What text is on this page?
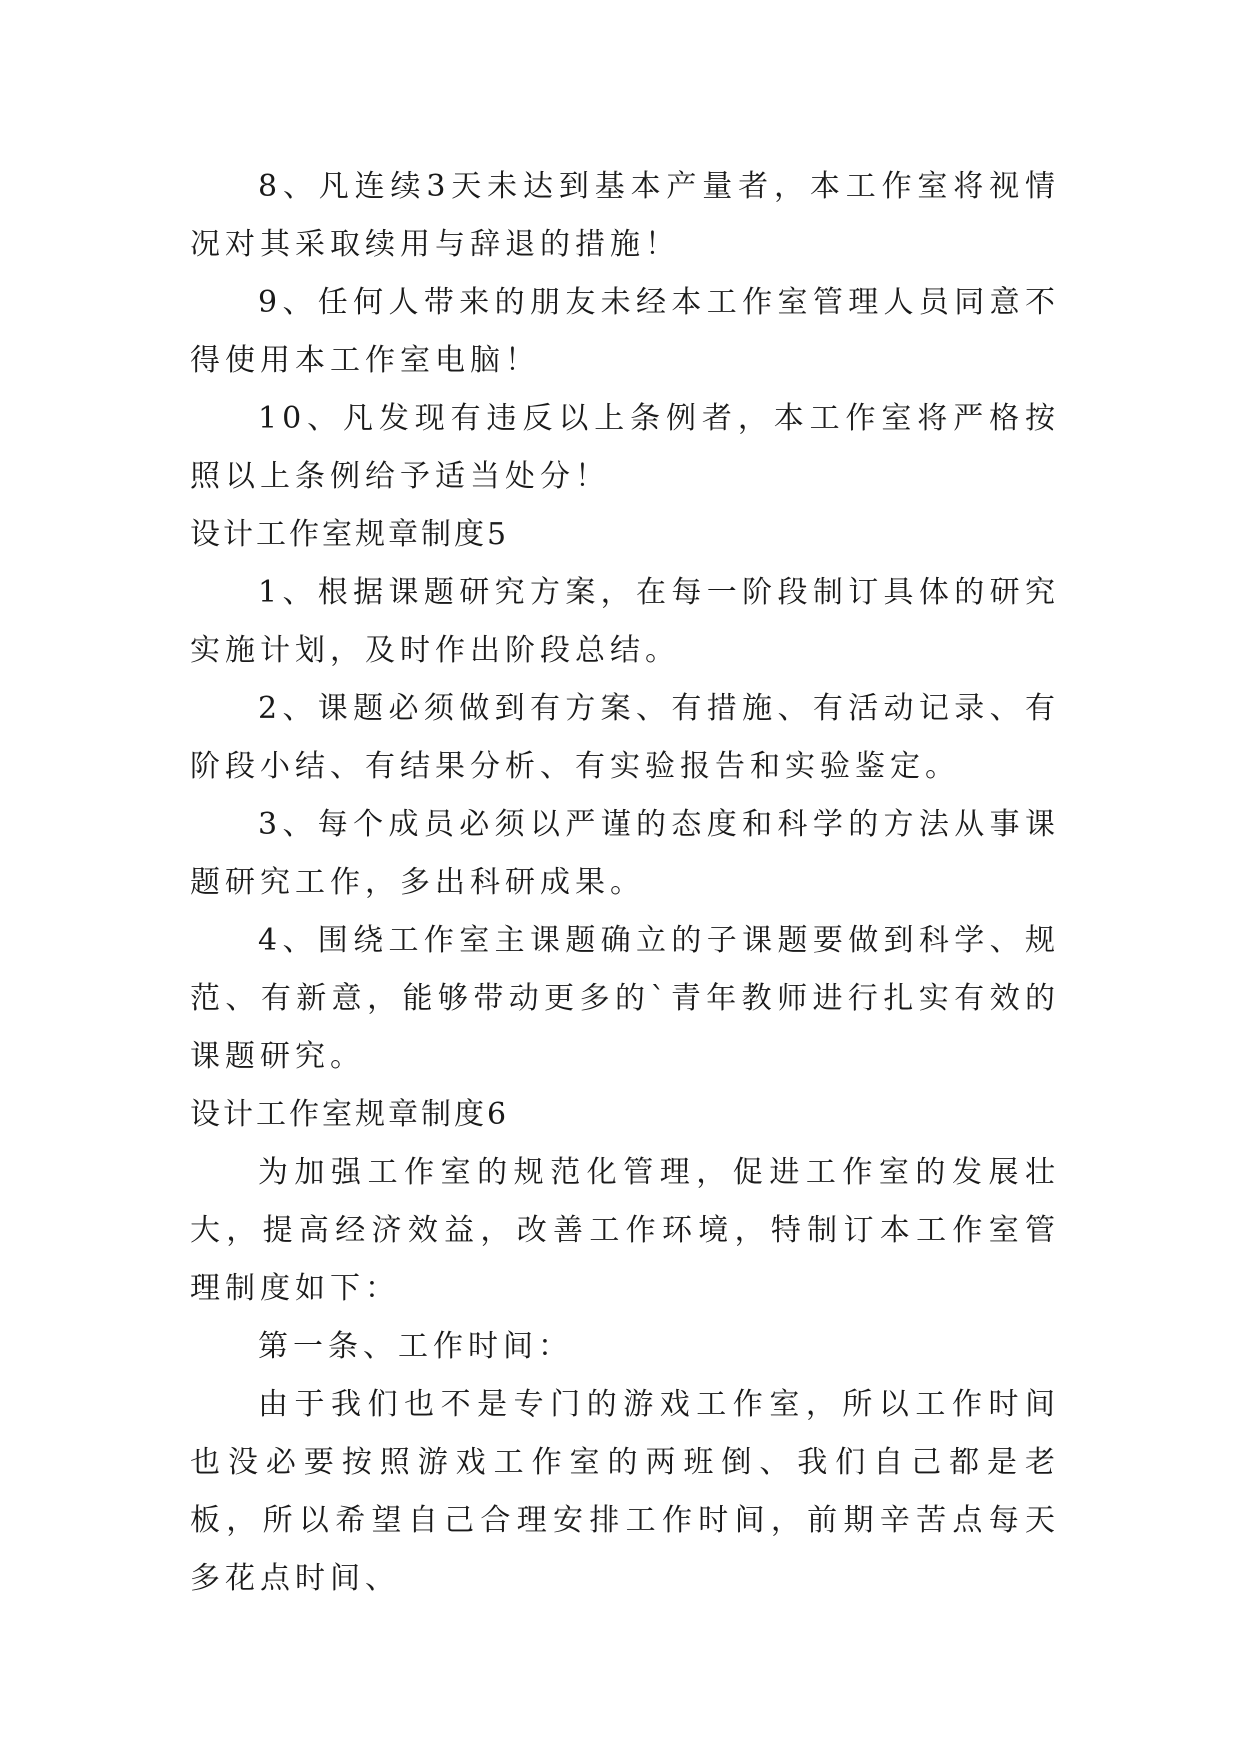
8、凡连续3天未达到基本产量者，本工作室将视情况对其采取续用与辞退的措施！

9、任何人带来的朋友未经本工作室管理人员同意不得使用本工作室电脑！

10、凡发现有违反以上条例者，本工作室将严格按照以上条例给予适当处分！

设计工作室规章制度5

1、根据课题研究方案，在每一阶段制订具体的研究实施计划，及时作出阶段总结。

2、课题必须做到有方案、有措施、有活动记录、有阶段小结、有结果分析、有实验报告和实验鉴定。

3、每个成员必须以严谨的态度和科学的方法从事课题研究工作，多出科研成果。

4、围绕工作室主课题确立的子课题要做到科学、规范、有新意，能够带动更多的`青年教师进行扎实有效的课题研究。

设计工作室规章制度6

为加强工作室的规范化管理，促进工作室的发展壮大，提高经济效益，改善工作环境，特制订本工作室管理制度如下：

第一条、工作时间：

由于我们也不是专门的游戏工作室，所以工作时间也没必要按照游戏工作室的两班倒、我们自己都是老板，所以希望自己合理安排工作时间，前期辛苦点每天多花点时间、
